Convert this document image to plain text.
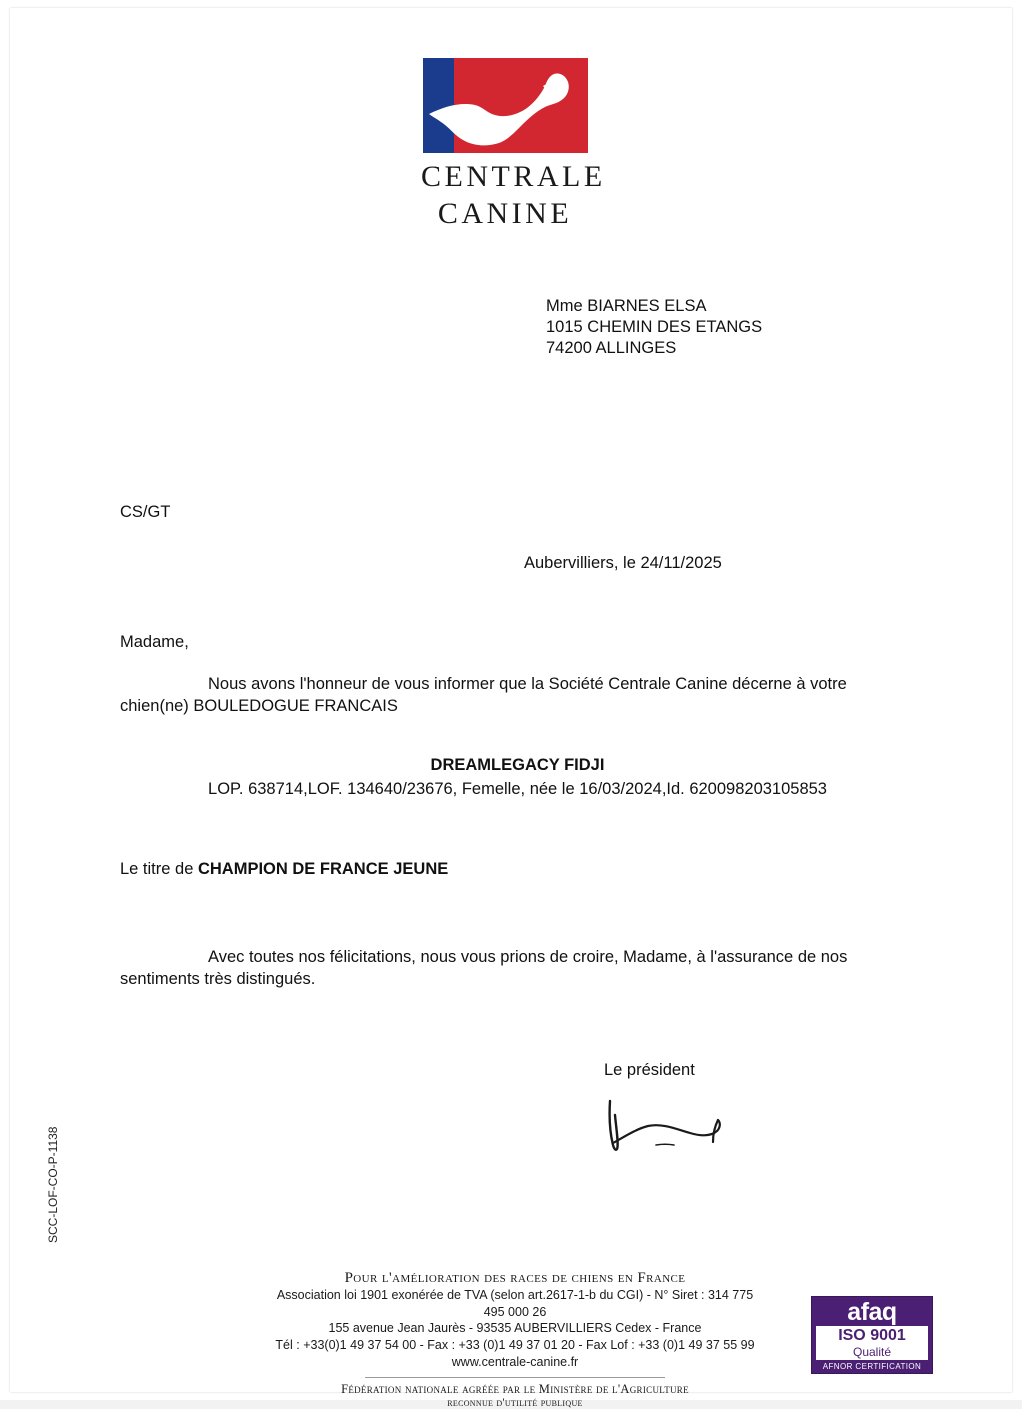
CENTRALE
CANINE
Mme BIARNES ELSA
1015 CHEMIN DES ETANGS
74200 ALLINGES
CS/GT
Aubervilliers, le 24/11/2025
Madame,
Nous avons l'honneur de vous informer que la Société Centrale Canine décerne à votre chien(ne) BOULEDOGUE FRANCAIS
DREAMLEGACY FIDJI
LOP. 638714,LOF. 134640/23676, Femelle, née le 16/03/2024,Id. 620098203105853
Le titre de CHAMPION DE FRANCE JEUNE
Avec toutes nos félicitations, nous vous prions de croire, Madame, à l'assurance de nos sentiments très distingués.
Le président
Pour l'amélioration des races de chiens en France
Association loi 1901 exonérée de TVA (selon art.2617-1-b du CGI) - N° Siret : 314 775 495 000 26
155 avenue Jean Jaurès - 93535 AUBERVILLIERS Cedex - France
Tél : +33(0)1 49 37 54 00 - Fax : +33 (0)1 49 37 01 20 - Fax Lof : +33 (0)1 49 37 55 99
www.centrale-canine.fr
Fédération nationale agréée par le Ministère de l'Agriculture
reconnue d'utilité publique
afaq
ISO 9001
Qualité
AFNOR CERTIFICATION
SCC-LOF-CO-P-1138
